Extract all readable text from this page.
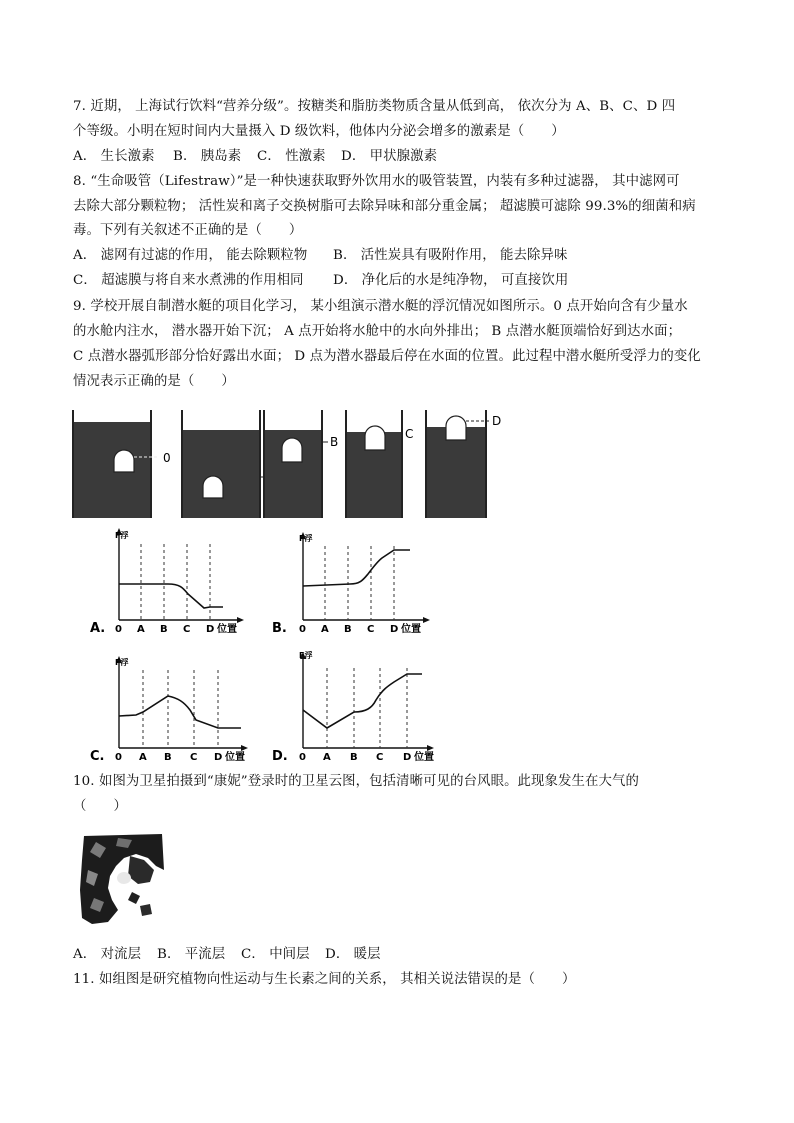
7. 近期， 上海试行饮料“营养分级”。按糖类和脂肪类物质含量从低到高， 依次分为 A、B、C、D 四
个等级。小明在短时间内大量摄入 D 级饮料，他体内分泌会增多的激素是（　　）
A． 生长激素 B． 胰岛素 C． 性激素 D． 甲状腺激素
8. “生命吸管（Lifestraw）”是一种快速获取野外饮用水的吸管装置，内装有多种过滤器， 其中滤网可
去除大部分颗粒物； 活性炭和离子交换树脂可去除异味和部分重金属； 超滤膜可滤除 99.3%的细菌和病
毒。下列有关叙述不正确的是（　　）
A． 滤网有过滤的作用， 能去除颗粒物 B． 活性炭具有吸附作用， 能去除异味
C． 超滤膜与将自来水煮沸的作用相同 D． 净化后的水是纯净物， 可直接饮用
9. 学校开展自制潜水艇的项目化学习， 某小组演示潜水艇的浮沉情况如图所示。0 点开始向含有少量水
的水舱内注水， 潜水器开始下沉； A 点开始将水舱中的水向外排出； B 点潜水艇顶端恰好到达水面；
C 点潜水器弧形部分恰好露出水面； D 点为潜水器最后停在水面的位置。此过程中潜水艇所受浮力的变化
情况表示正确的是（　　）
0
B
C
D
A.
F浮
0 A B C D 位置	B.
F浮
0 A B C D 位置
C.
F浮
0 A B C D 位置 D.
F浮
0 A B C D 位置
10. 如图为卫星拍摄到“康妮”登录时的卫星云图，包括清晰可见的台风眼。此现象发生在大气的
（　　）
A． 对流层 B． 平流层 C． 中间层 D． 暖层
11. 如组图是研究植物向性运动与生长素之间的关系， 其相关说法错误的是（　　）
